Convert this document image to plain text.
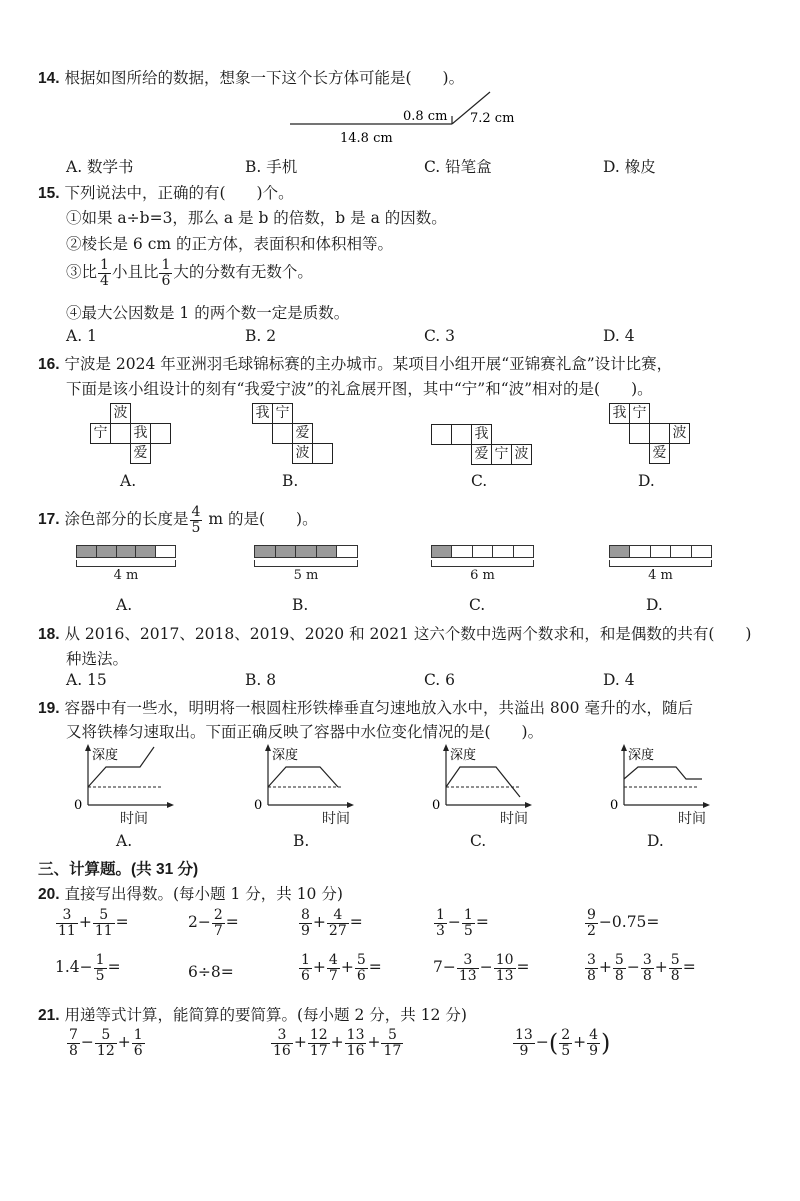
14. 根据如图所给的数据，想象一下这个长方体可能是(　　)。
0.8 cm 7.2 cm
14.8 cm
A. 数学书	B. 手机	C. 铅笔盒	D. 橡皮
15. 下列说法中，正确的有(　　)个。
①如果 a÷b=3，那么 a 是 b 的倍数，b 是 a 的因数。
②棱长是 6 cm 的正方体，表面积和体积相等。
③比 $\frac{1}{4}$ 小且比 $\frac{1}{6}$ 大的分数有无数个。
④最大公因数是 1 的两个数一定是质数。
A. 1	B. 2	C. 3	D. 4
16. 宁波是 2024 年亚洲羽毛球锦标赛的主办城市。某项目小组开展“亚锦赛礼盒”设计比赛，
下面是该小组设计的刻有“我爱宁波”的礼盒展开图，其中“宁”和“波”相对的是(　　)。
	波		
宁		我	
		爱	
我	宁		
		爱	
		波	
		我		
		爱	宁	波
我	宁		
			波
		爱	
A.	B.	C.	D.
17. 涂色部分的长度是 $\frac{4}{5}$ m 的是(　　)。
4 m	5 m	6 m	4 m
A.	B.	C.	D.
18. 从 2016、2017、2018、2019、2020 和 2021 这六个数中选两个数求和，和是偶数的共有(　　)
种选法。
A. 15	B. 8	C. 6	D. 4
19. 容器中有一些水，明明将一根圆柱形铁棒垂直匀速地放入水中，共溢出 800 毫升的水，随后
又将铁棒匀速取出。下面正确反映了容器中水位变化情况的是(　　)。
深度
0
时间
深度
0
时间
深度
0
时间
深度
0
时间
A.	B.	C.	D.
三、计算题。(共 31 分)
20. 直接写出得数。(每小题 1 分，共 10 分)
$\frac{3}{11} + \frac{5}{11}$ =	$2- \frac{2}{7}$ =	$\frac{8}{9} + \frac{4}{27}$ =	$\frac{1}{3} - \frac{1}{5}$ =	$\frac{9}{2} -0.75=$
$1.4- \frac{1}{5}$ =	6÷8=	$\frac{1}{6} + \frac{4}{7} + \frac{5}{6}$ =	$7- \frac{3}{13} - \frac{10}{13}$ =	$\frac{3}{8} + \frac{5}{8} - \frac{3}{8} + \frac{5}{8}$ =
21. 用递等式计算，能简算的要简算。(每小题 2 分，共 12 分)
$\frac{7}{8} - \frac{5}{12} + \frac{1}{6}$	$\frac{3}{16} + \frac{12}{17} + \frac{13}{16} + \frac{5}{17}$	$\frac{13}{9}$ −( $\frac{2}{5} + \frac{4}{9}$ )
